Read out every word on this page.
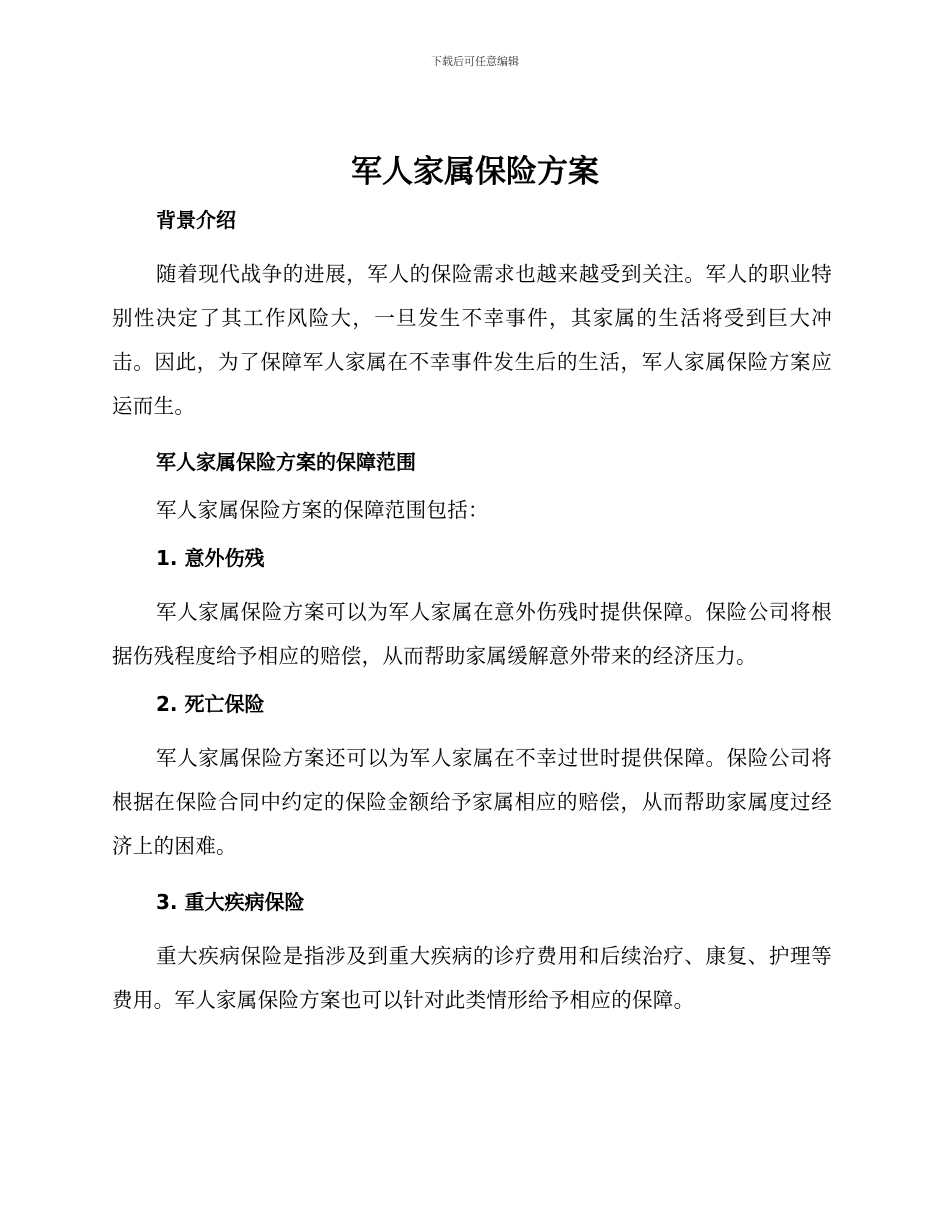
下载后可任意编辑
军人家属保险方案

背景介绍

随着现代战争的进展，军人的保险需求也越来越受到关注。军人的职业特别性决定了其工作风险大，一旦发生不幸事件，其家属的生活将受到巨大冲击。因此，为了保障军人家属在不幸事件发生后的生活，军人家属保险方案应运而生。

军人家属保险方案的保障范围

军人家属保险方案的保障范围包括：

1. 意外伤残

军人家属保险方案可以为军人家属在意外伤残时提供保障。保险公司将根据伤残程度给予相应的赔偿，从而帮助家属缓解意外带来的经济压力。

2. 死亡保险

军人家属保险方案还可以为军人家属在不幸过世时提供保障。保险公司将根据在保险合同中约定的保险金额给予家属相应的赔偿，从而帮助家属度过经济上的困难。

3. 重大疾病保险

重大疾病保险是指涉及到重大疾病的诊疗费用和后续治疗、康复、护理等费用。军人家属保险方案也可以针对此类情形给予相应的保障。
